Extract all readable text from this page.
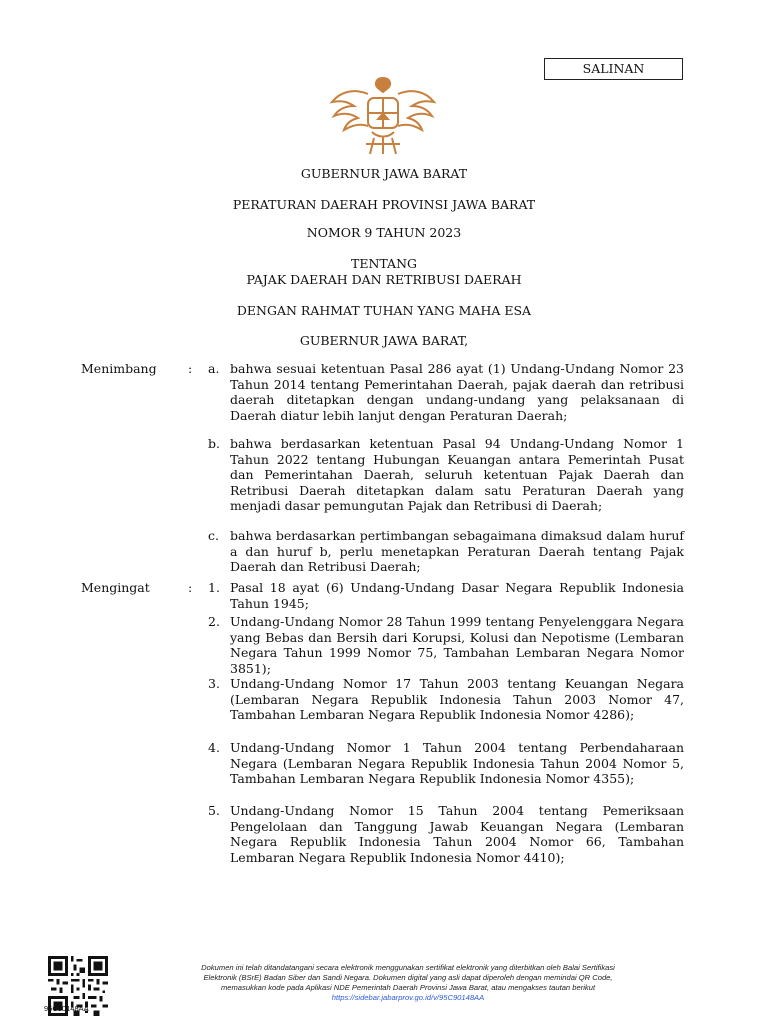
SALINAN
GUBERNUR JAWA BARAT
PERATURAN DAERAH PROVINSI JAWA BARAT
NOMOR 9 TAHUN 2023
TENTANG
PAJAK DAERAH DAN RETRIBUSI DAERAH
DENGAN RAHMAT TUHAN YANG MAHA ESA
GUBERNUR JAWA BARAT,
Menimbang	: a. bahwa sesuai ketentuan Pasal 286 ayat (1) Undang-Undang Nomor 23 Tahun 2014 tentang Pemerintahan Daerah, pajak daerah dan retribusi daerah ditetapkan dengan undang-undang yang pelaksanaan di Daerah diatur lebih lanjut dengan Peraturan Daerah;
b. bahwa berdasarkan ketentuan Pasal 94 Undang-Undang Nomor 1 Tahun 2022 tentang Hubungan Keuangan antara Pemerintah Pusat dan Pemerintahan Daerah, seluruh ketentuan Pajak Daerah dan Retribusi Daerah ditetapkan dalam satu Peraturan Daerah yang menjadi dasar pemungutan Pajak dan Retribusi di Daerah;
c. bahwa berdasarkan pertimbangan sebagaimana dimaksud dalam huruf a dan huruf b, perlu menetapkan Peraturan Daerah tentang Pajak Daerah dan Retribusi Daerah;
Mengingat	: 1. Pasal 18 ayat (6) Undang-Undang Dasar Negara Republik Indonesia Tahun 1945;
2. Undang-Undang Nomor 28 Tahun 1999 tentang Penyelenggara Negara yang Bebas dan Bersih dari Korupsi, Kolusi dan Nepotisme (Lembaran Negara Tahun 1999 Nomor 75, Tambahan Lembaran Negara Nomor 3851);
3. Undang-Undang Nomor 17 Tahun 2003 tentang Keuangan Negara (Lembaran Negara Republik Indonesia Tahun 2003 Nomor 47, Tambahan Lembaran Negara Republik Indonesia Nomor 4286);
4. Undang-Undang Nomor 1 Tahun 2004 tentang Perbendaharaan Negara (Lembaran Negara Republik Indonesia Tahun 2004 Nomor 5, Tambahan Lembaran Negara Republik Indonesia Nomor 4355);
5. Undang-Undang Nomor 15 Tahun 2004 tentang Pemeriksaan Pengelolaan dan Tanggung Jawab Keuangan Negara (Lembaran Negara Republik Indonesia Tahun 2004 Nomor 66, Tambahan Lembaran Negara Republik Indonesia Nomor 4410);
95C90148AA
Dokumen ini telah ditandatangani secara elektronik menggunakan sertifikat elektronik yang diterbitkan oleh Balai Sertifikasi
Elektronik (BSrE) Badan Siber dan Sandi Negara. Dokumen digital yang asli dapat diperoleh dengan memindai QR Code,
memasukkan kode pada Aplikasi NDE Pemerintah Daerah Provinsi Jawa Barat, atau mengakses tautan berikut
https://sidebar.jabarprov.go.id/v/95C90148AA
